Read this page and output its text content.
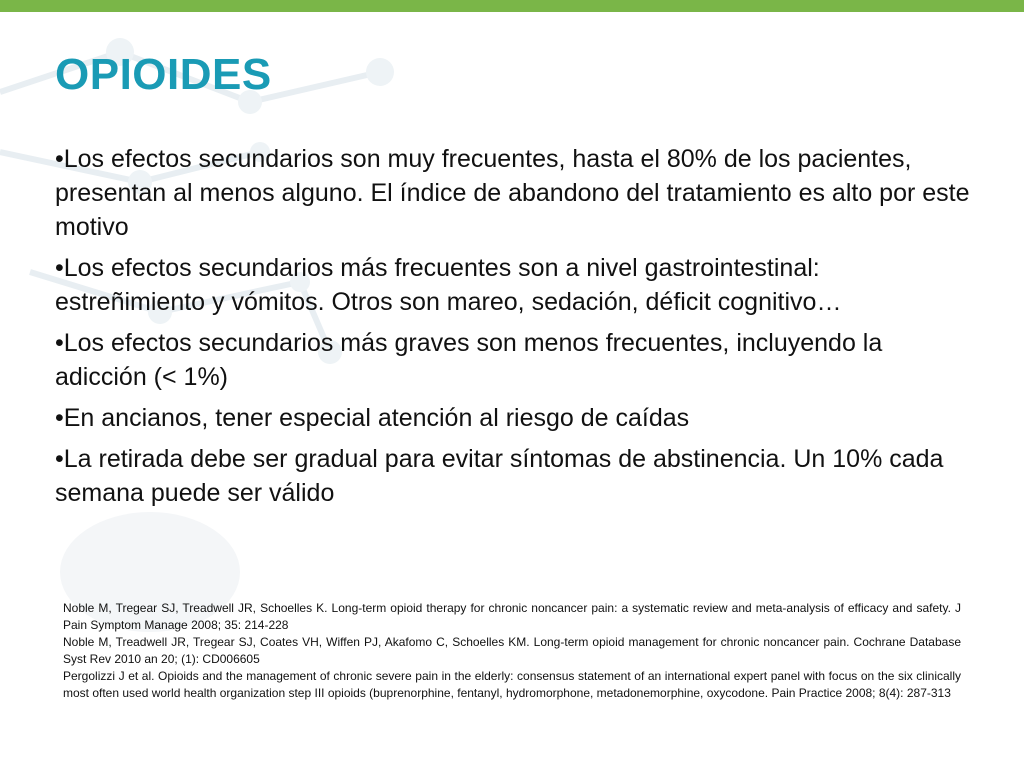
OPIOIDES
•Los efectos secundarios son muy frecuentes, hasta el 80% de los pacientes, presentan al menos alguno. El índice de abandono del tratamiento es alto por este motivo
•Los efectos secundarios más frecuentes son a nivel gastrointestinal: estreñimiento y vómitos. Otros son mareo, sedación, déficit cognitivo…
•Los efectos secundarios más graves son menos frecuentes, incluyendo la adicción (< 1%)
•En ancianos, tener especial atención al riesgo de caídas
•La retirada debe ser gradual para evitar síntomas de abstinencia. Un 10% cada semana puede ser válido

Noble M, Tregear SJ, Treadwell JR, Schoelles K. Long-term opioid therapy for chronic noncancer pain: a systematic review and meta-analysis of efficacy and safety. J Pain Symptom Manage 2008; 35: 214-228

Noble M, Treadwell JR, Tregear SJ, Coates VH, Wiffen PJ, Akafomo C, Schoelles KM. Long-term opioid management for chronic noncancer pain. Cochrane Database Syst Rev 2010 an 20; (1): CD006605

Pergolizzi J et al. Opioids and the management of chronic severe pain in the elderly: consensus statement of an international expert panel with focus on the six clinically most often used world health organization step III opioids (buprenorphine, fentanyl, hydromorphone, metadonemorphine, oxycodone. Pain Practice 2008; 8(4): 287-313
